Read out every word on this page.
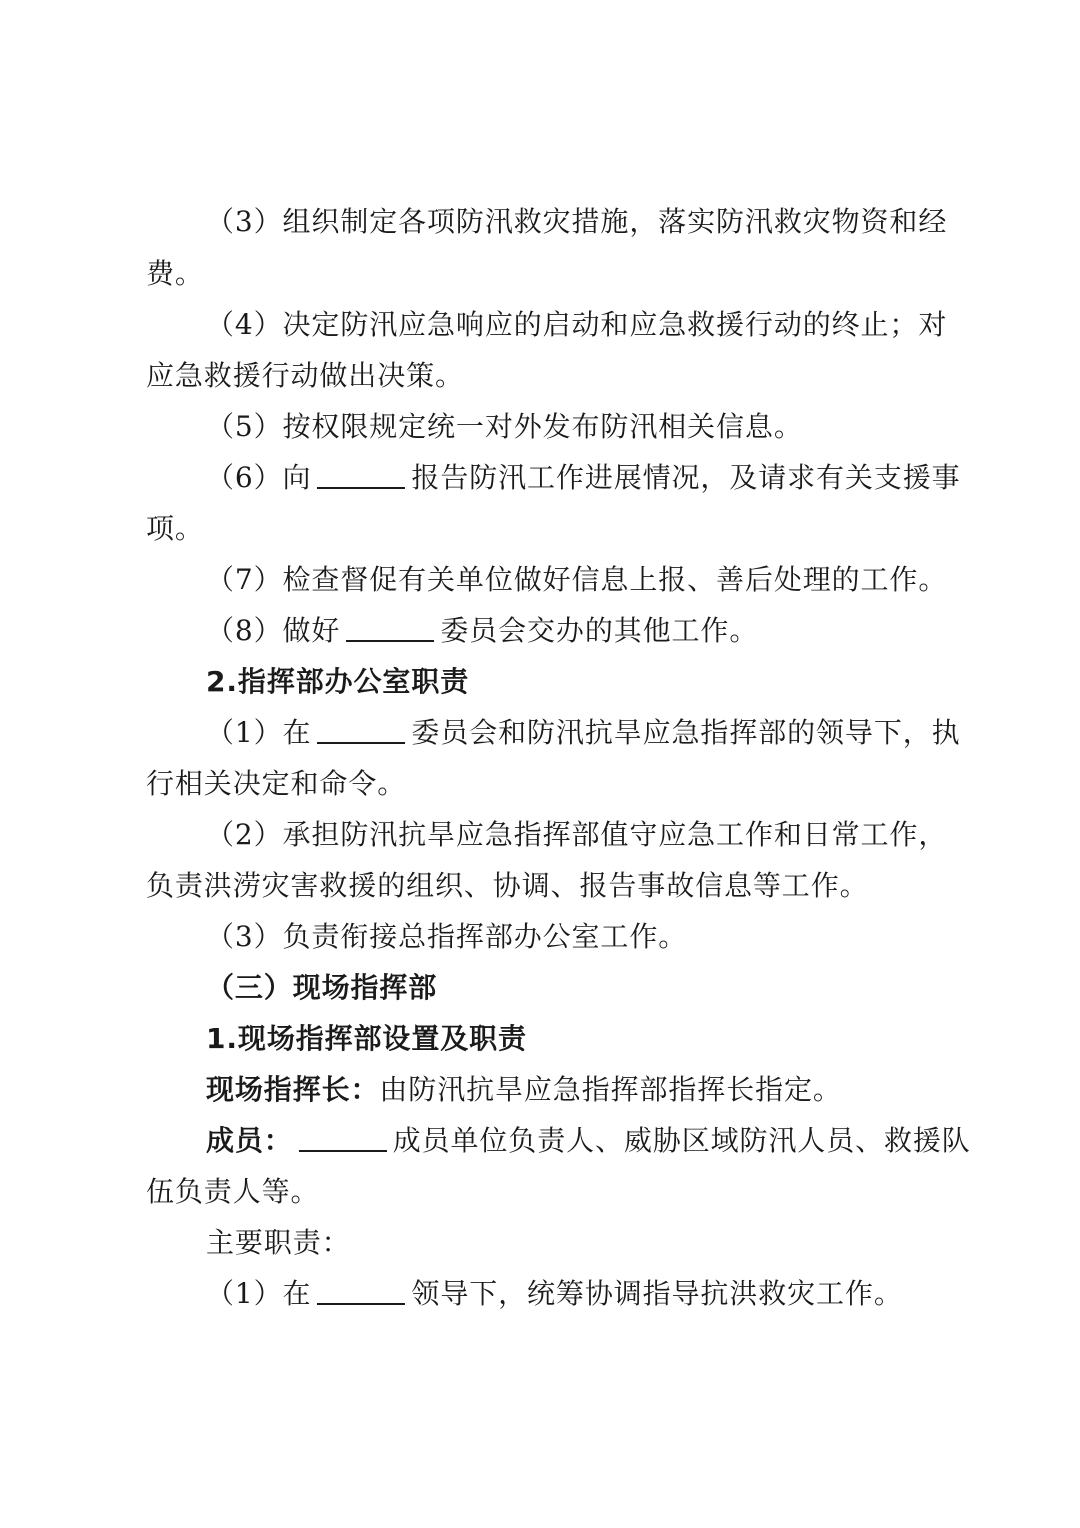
（3）组织制定各项防汛救灾措施，落实防汛救灾物资和经
费。
（4）决定防汛应急响应的启动和应急救援行动的终止；对
应急救援行动做出决策。
（5）按权限规定统一对外发布防汛相关信息。
（6）向	报告防汛工作进展情况，及请求有关支援事
项。
（7）检查督促有关单位做好信息上报、善后处理的工作。
（8）做好	委员会交办的其他工作。
2.指挥部办公室职责
（1）在	委员会和防汛抗旱应急指挥部的领导下，执
行相关决定和命令。
（2）承担防汛抗旱应急指挥部值守应急工作和日常工作，
负责洪涝灾害救援的组织、协调、报告事故信息等工作。
（3）负责衔接总指挥部办公室工作。
（三）现场指挥部
1.现场指挥部设置及职责
现场指挥长：由防汛抗旱应急指挥部指挥长指定。
成员：	成员单位负责人、威胁区域防汛人员、救援队
伍负责人等。
主要职责：
（1）在	领导下，统筹协调指导抗洪救灾工作。
